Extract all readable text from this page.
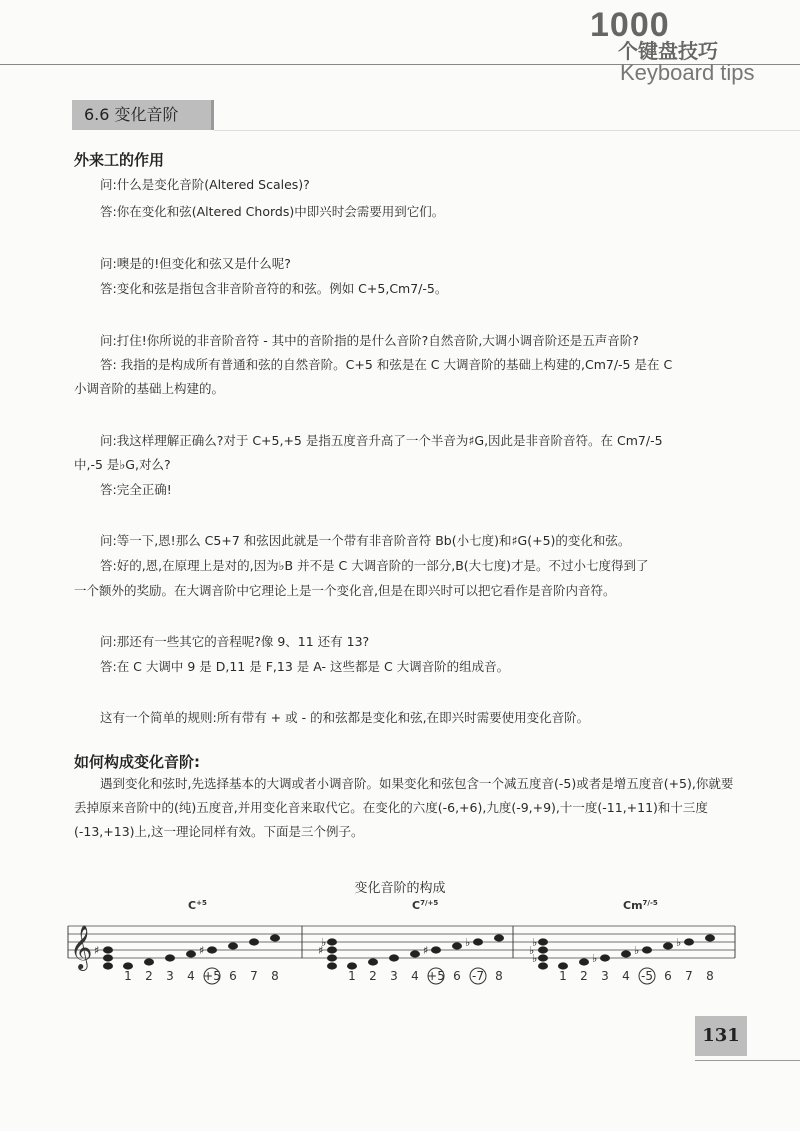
1000
个键盘技巧
Keyboard tips
6.6 变化音阶
外来工的作用
问:什么是变化音阶(Altered Scales)?
答:你在变化和弦(Altered Chords)中即兴时会需要用到它们。
问:噢是的!但变化和弦又是什么呢?
答:变化和弦是指包含非音阶音符的和弦。例如 C+5,Cm7/-5。
问:打住!你所说的非音阶音符 - 其中的音阶指的是什么音阶?自然音阶,大调小调音阶还是五声音阶?
答: 我指的是构成所有普通和弦的自然音阶。C+5 和弦是在 C 大调音阶的基础上构建的,Cm7/-5 是在 C
小调音阶的基础上构建的。
问:我这样理解正确么?对于 C+5,+5 是指五度音升高了一个半音为♯G,因此是非音阶音符。在 Cm7/-5
中,-5 是♭G,对么?
答:完全正确!
问:等一下,恩!那么 C5+7 和弦因此就是一个带有非音阶音符 Bb(小七度)和♯G(+5)的变化和弦。
答:好的,恩,在原理上是对的,因为♭B 并不是 C 大调音阶的一部分,B(大七度)才是。不过小七度得到了
一个额外的奖励。在大调音阶中它理论上是一个变化音,但是在即兴时可以把它看作是音阶内音符。
问:那还有一些其它的音程呢?像 9、11 还有 13?
答:在 C 大调中 9 是 D,11 是 F,13 是 A- 这些都是 C 大调音阶的组成音。
这有一个简单的规则:所有带有 + 或 - 的和弦都是变化和弦,在即兴时需要使用变化音阶。
如何构成变化音阶:
遇到变化和弦时,先选择基本的大调或者小调音阶。如果变化和弦包含一个减五度音(-5)或者是增五度音(+5),你就要丢掉原来音阶中的(纯)五度音,并用变化音来取代它。在变化的六度(-6,+6),九度(-9,+9),十一度(-11,+11)和十三度(-13,+13)上,这一理论同样有效。下面是三个例子。
变化音阶的构成
𝄞
$C^{+5}$
♯
1 2 3 4
♯
+5 6 7 8
$C^{7/+5}$
♯
♭
1 2 3 4
♯
+5 6
♭
-7 8
$Cm^{7/-5}$
♭
♭
♭
1 2
♭
3 4
♭
-5 6
♭
7 8
131
